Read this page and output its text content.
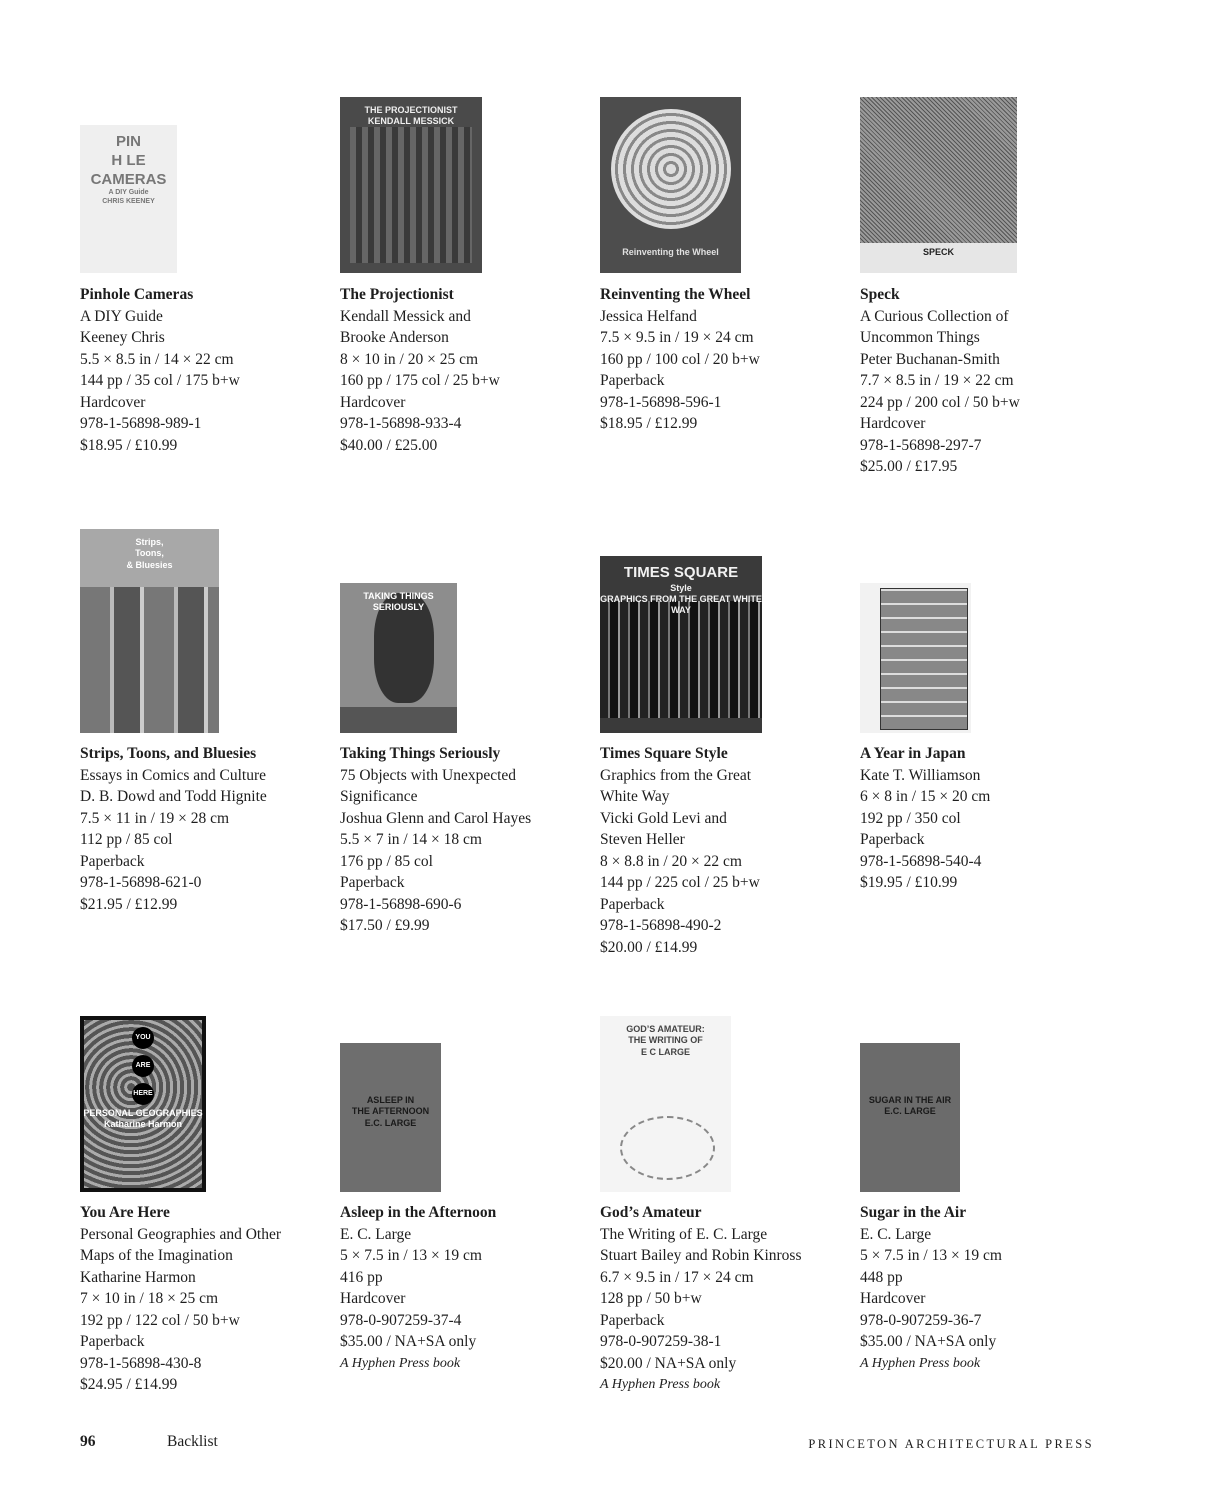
PIN
H LE
CAMERAS
A DIY Guide
CHRIS KEENEY
THE PROJECTIONIST
KENDALL MESSICK
Reinventing the Wheel	SPECK
Strips,
Toons,
& Bluesies
TAKING THINGS SERIOUSLY
TIMES SQUARE
Style
GRAPHICS FROM THE GREAT WHITE WAY
YOUAREHERE
PERSONAL GEOGRAPHIES
Katharine Harmon
ASLEEP IN
THE AFTERNOON
E.C. LARGE
GOD’S AMATEUR:
THE WRITING OF
E C LARGE
SUGAR IN THE AIR
E.C. LARGE
Pinhole Cameras
A DIY Guide
Keeney Chris
5.5 × 8.5 in / 14 × 22 cm
144 pp / 35 col / 175 b+w
Hardcover
978-1-56898-989-1
$18.95 / £10.99
The Projectionist
Kendall Messick and
Brooke Anderson
8 × 10 in / 20 × 25 cm
160 pp / 175 col / 25 b+w
Hardcover
978-1-56898-933-4
$40.00 / £25.00
Reinventing the Wheel
Jessica Helfand
7.5 × 9.5 in / 19 × 24 cm
160 pp / 100 col / 20 b+w
Paperback
978-1-56898-596-1
$18.95 / £12.99
Speck
A Curious Collection of
Uncommon Things
Peter Buchanan-Smith
7.7 × 8.5 in / 19 × 22 cm
224 pp / 200 col / 50 b+w
Hardcover
978-1-56898-297-7
$25.00 / £17.95
Strips, Toons, and Bluesies
Essays in Comics and Culture
D. B. Dowd and Todd Hignite
7.5 × 11 in / 19 × 28 cm
112 pp / 85 col
Paperback
978-1-56898-621-0
$21.95 / £12.99
Taking Things Seriously
75 Objects with Unexpected
Significance
Joshua Glenn and Carol Hayes
5.5 × 7 in / 14 × 18 cm
176 pp / 85 col
Paperback
978-1-56898-690-6
$17.50 / £9.99
Times Square Style
Graphics from the Great
White Way
Vicki Gold Levi and
Steven Heller
8 × 8.8 in / 20 × 22 cm
144 pp / 225 col / 25 b+w
Paperback
978-1-56898-490-2
$20.00 / £14.99
A Year in Japan
Kate T. Williamson
6 × 8 in / 15 × 20 cm
192 pp / 350 col
Paperback
978-1-56898-540-4
$19.95 / £10.99
You Are Here
Personal Geographies and Other
Maps of the Imagination
Katharine Harmon
7 × 10 in / 18 × 25 cm
192 pp / 122 col / 50 b+w
Paperback
978-1-56898-430-8
$24.95 / £14.99
Asleep in the Afternoon
E. C. Large
5 × 7.5 in / 13 × 19 cm
416 pp
Hardcover
978-0-907259-37-4
$35.00 / NA+SA only
A Hyphen Press book
God’s Amateur
The Writing of E. C. Large
Stuart Bailey and Robin Kinross
6.7 × 9.5 in / 17 × 24 cm
128 pp / 50 b+w
Paperback
978-0-907259-38-1
$20.00 / NA+SA only
A Hyphen Press book
Sugar in the Air
E. C. Large
5 × 7.5 in / 13 × 19 cm
448 pp
Hardcover
978-0-907259-36-7
$35.00 / NA+SA only
A Hyphen Press book
96	Backlist	PRINCETON ARCHITECTURAL PRESS
